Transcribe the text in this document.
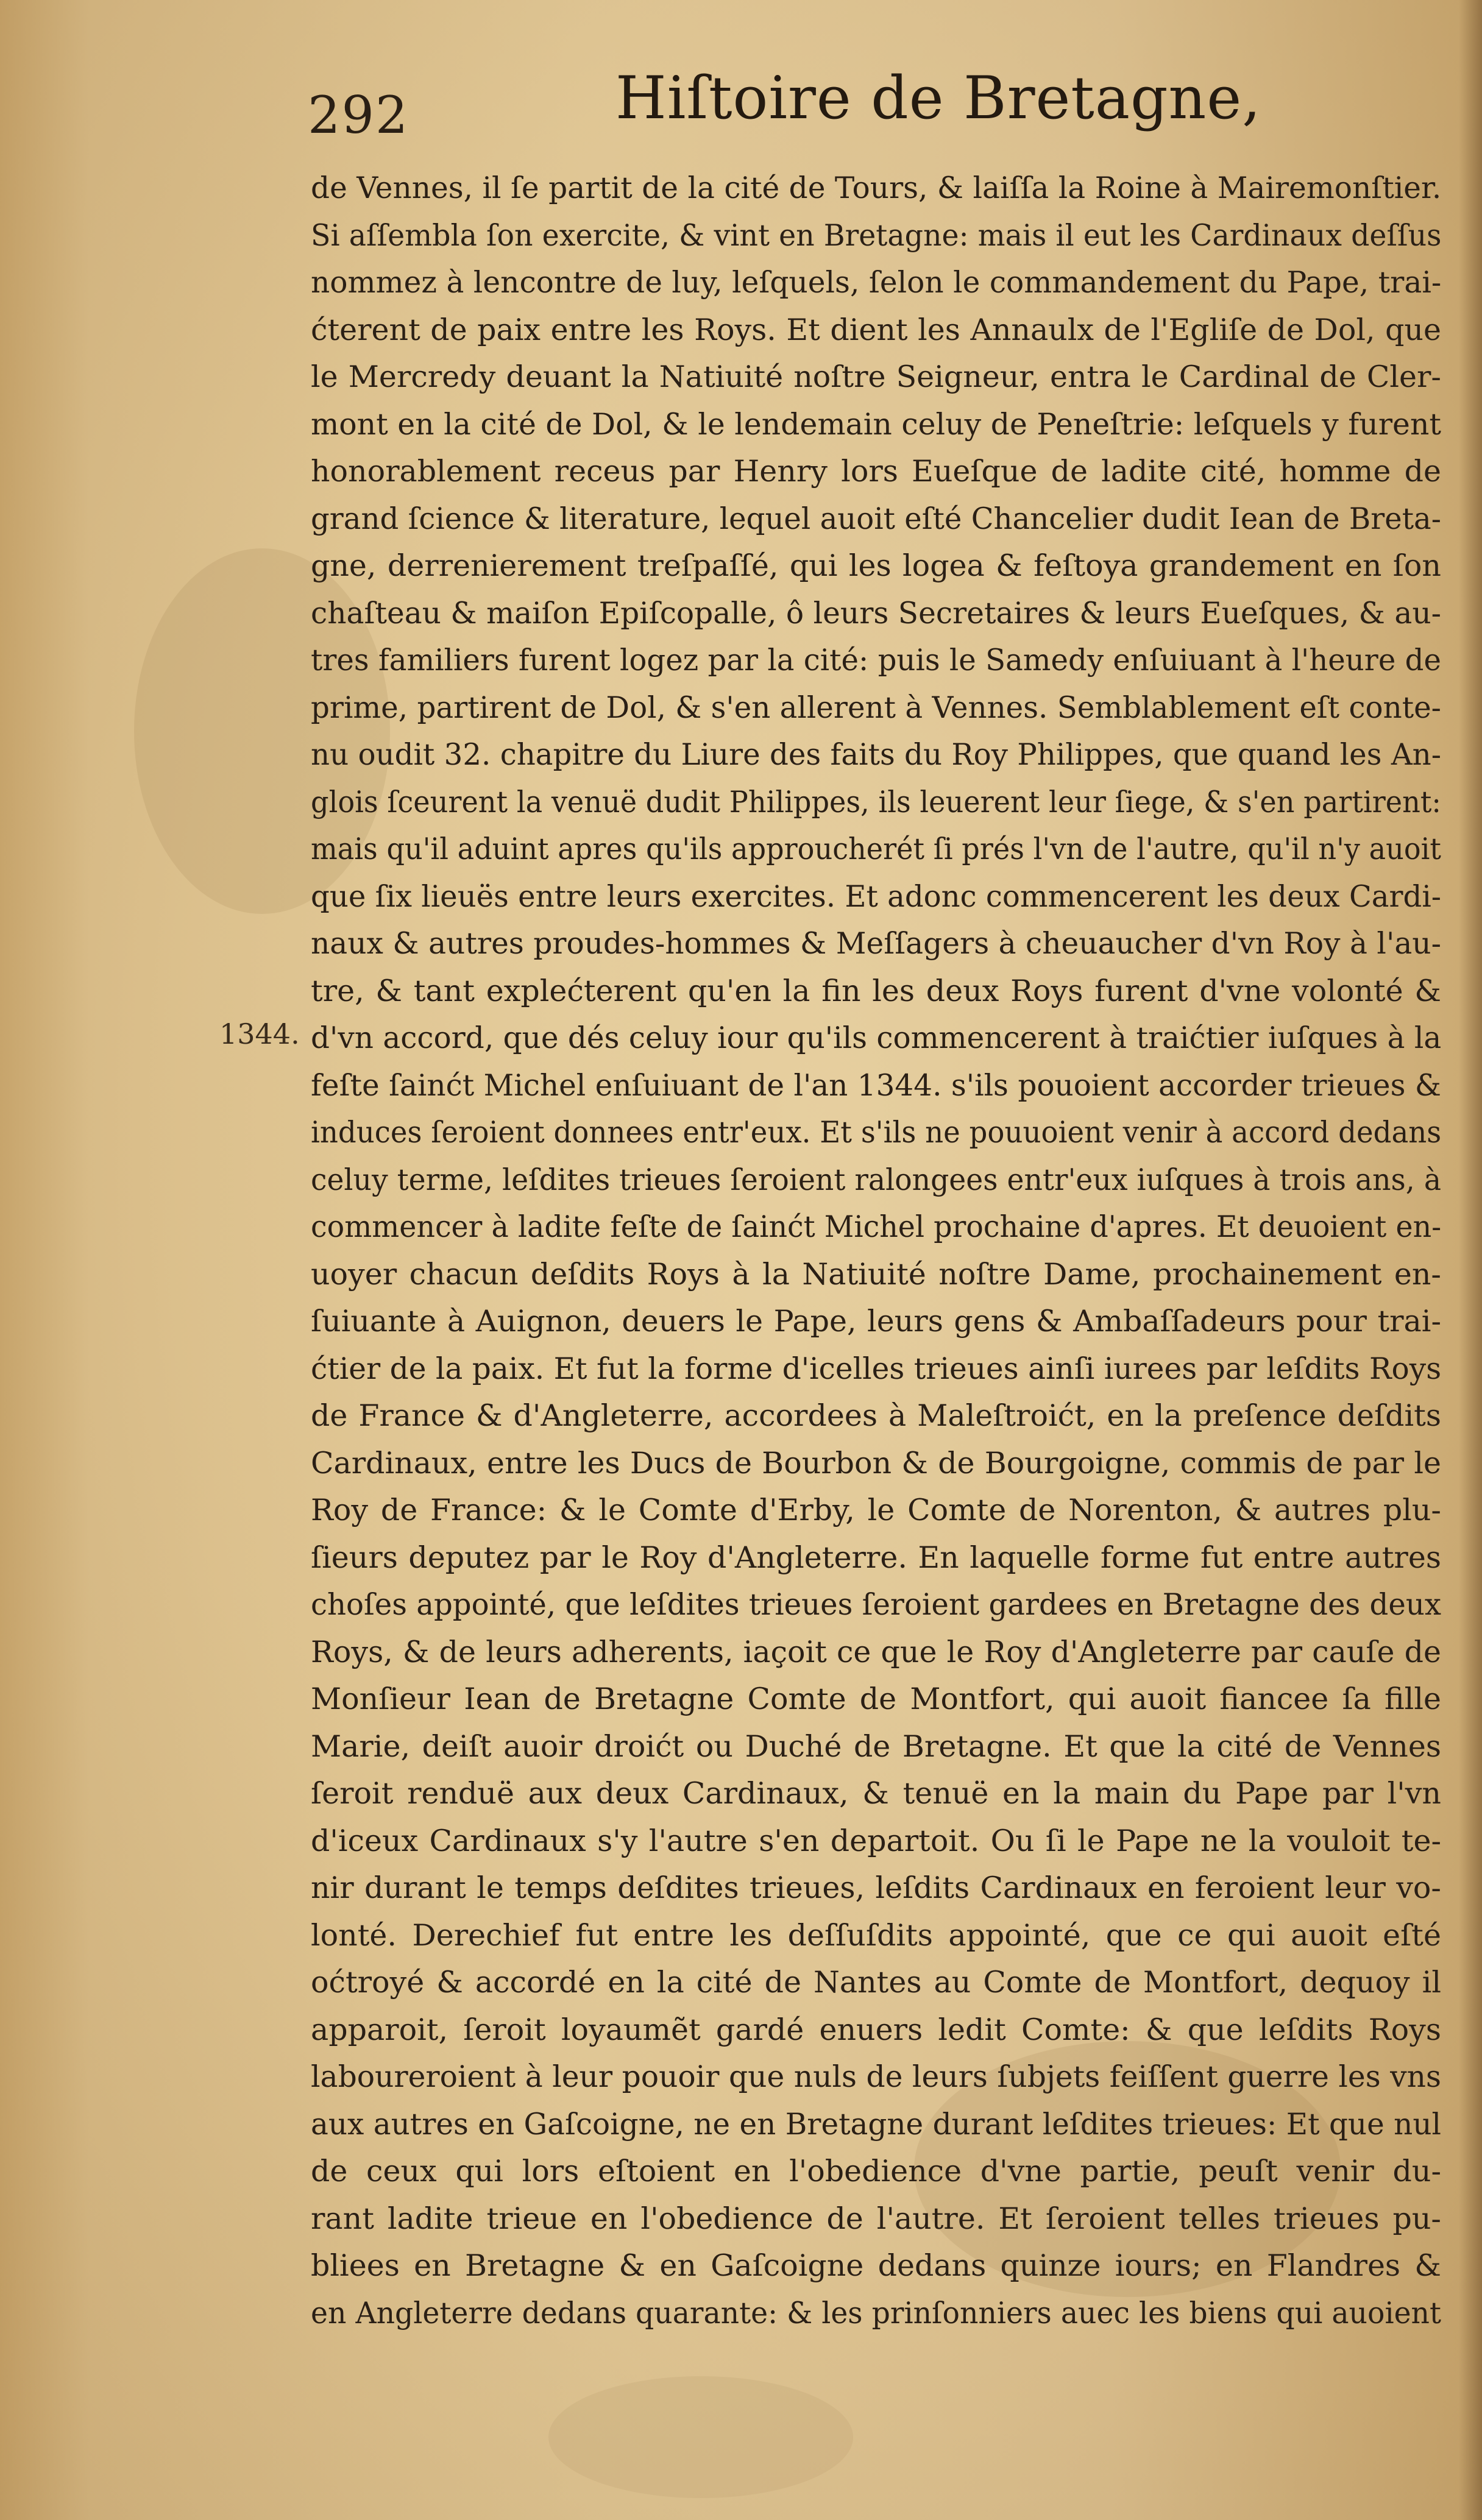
292	Hiſtoire de Bretagne,
1344.
de Vennes, il ſe partit de la cité de Tours, & laiſſa la Roine à Mairemonſtier.
Si aſſembla ſon exercite, & vint en Bretagne: mais il eut les Cardinaux deſſus
nommez à lencontre de luy, leſquels, ſelon le commandement du Pape, trai-
ćterent de paix entre les Roys. Et dient les Annaulx de l'Egliſe de Dol, que
le Mercredy deuant la Natiuité noſtre Seigneur, entra le Cardinal de Cler-
mont en la cité de Dol, & le lendemain celuy de Peneſtrie: leſquels y furent
honorablement receus par Henry lors Eueſque de ladite cité, homme de
grand ſcience & literature, lequel auoit eſté Chancelier dudit Iean de Breta-
gne, derrenierement treſpaſſé, qui les logea & feſtoya grandement en ſon
chaſteau & maiſon Epiſcopalle, ô leurs Secretaires & leurs Eueſques, & au-
tres familiers furent logez par la cité: puis le Samedy enſuiuant à l'heure de
prime, partirent de Dol, & s'en allerent à Vennes. Semblablement eſt conte-
nu oudit 32. chapitre du Liure des faits du Roy Philippes, que quand les An-
glois ſceurent la venuë dudit Philippes, ils leuerent leur ſiege, & s'en partirent:
mais qu'il aduint apres qu'ils approucherét ſi prés l'vn de l'autre, qu'il n'y auoit
que ſix lieuës entre leurs exercites. Et adonc commencerent les deux Cardi-
naux & autres proudes-hommes & Meſſagers à cheuaucher d'vn Roy à l'au-
tre, & tant explećterent qu'en la fin les deux Roys furent d'vne volonté &
d'vn accord, que dés celuy iour qu'ils commencerent à traićtier iuſques à la
feſte ſainćt Michel enſuiuant de l'an 1344. s'ils pouoient accorder trieues &
induces ſeroient donnees entr'eux. Et s'ils ne pouuoient venir à accord dedans
celuy terme, leſdites trieues ſeroient ralongees entr'eux iuſques à trois ans, à
commencer à ladite feſte de ſainćt Michel prochaine d'apres. Et deuoient en-
uoyer chacun deſdits Roys à la Natiuité noſtre Dame, prochainement en-
ſuiuante à Auignon, deuers le Pape, leurs gens & Ambaſſadeurs pour trai-
ćtier de la paix. Et fut la forme d'icelles trieues ainſi iurees par leſdits Roys
de France & d'Angleterre, accordees à Maleſtroićt, en la preſence deſdits
Cardinaux, entre les Ducs de Bourbon & de Bourgoigne, commis de par le
Roy de France: & le Comte d'Erby, le Comte de Norenton, & autres plu-
ſieurs deputez par le Roy d'Angleterre. En laquelle forme fut entre autres
choſes appointé, que leſdites trieues ſeroient gardees en Bretagne des deux
Roys, & de leurs adherents, iaçoit ce que le Roy d'Angleterre par cauſe de
Monſieur Iean de Bretagne Comte de Montfort, qui auoit fiancee ſa fille
Marie, deiſt auoir droićt ou Duché de Bretagne. Et que la cité de Vennes
ſeroit renduë aux deux Cardinaux, & tenuë en la main du Pape par l'vn
d'iceux Cardinaux s'y l'autre s'en departoit. Ou ſi le Pape ne la vouloit te-
nir durant le temps deſdites trieues, leſdits Cardinaux en feroient leur vo-
lonté. Derechief fut entre les deſſuſdits appointé, que ce qui auoit eſté
oćtroyé & accordé en la cité de Nantes au Comte de Montfort, dequoy il
apparoit, ſeroit loyaumẽt gardé enuers ledit Comte: & que leſdits Roys
laboureroient à leur pouoir que nuls de leurs ſubjets feiſſent guerre les vns
aux autres en Gaſcoigne, ne en Bretagne durant leſdites trieues: Et que nul
de ceux qui lors eſtoient en l'obedience d'vne partie, peuſt venir du-
rant ladite trieue en l'obedience de l'autre. Et ſeroient telles trieues pu-
bliees en Bretagne & en Gaſcoigne dedans quinze iours; en Flandres &
en Angleterre dedans quarante: & les prinſonniers auec les biens qui auoient
